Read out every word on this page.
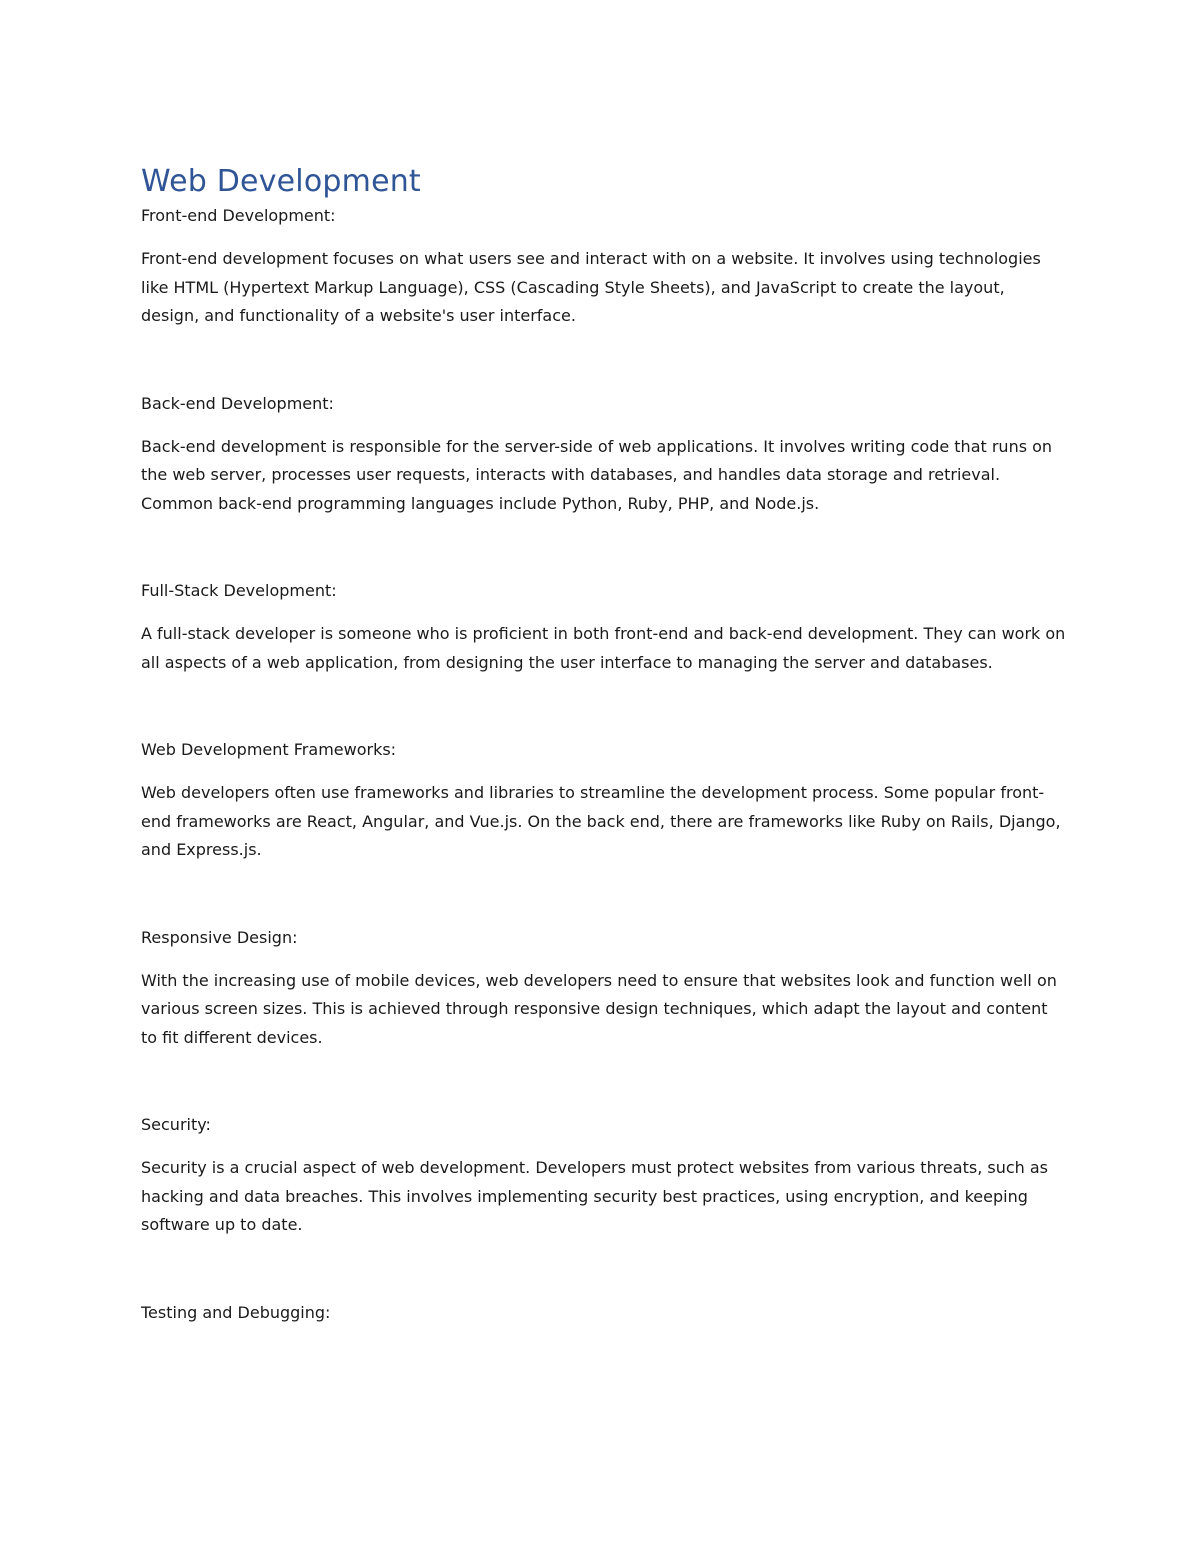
Web Development

Front-end Development:

Front-end development focuses on what users see and interact with on a website. It involves using technologies like HTML (Hypertext Markup Language), CSS (Cascading Style Sheets), and JavaScript to create the layout, design, and functionality of a website's user interface.

Back-end Development:

Back-end development is responsible for the server-side of web applications. It involves writing code that runs on the web server, processes user requests, interacts with databases, and handles data storage and retrieval. Common back-end programming languages include Python, Ruby, PHP, and Node.js.

Full-Stack Development:

A full-stack developer is someone who is proficient in both front-end and back-end development. They can work on all aspects of a web application, from designing the user interface to managing the server and databases.

Web Development Frameworks:

Web developers often use frameworks and libraries to streamline the development process. Some popular front-end frameworks are React, Angular, and Vue.js. On the back end, there are frameworks like Ruby on Rails, Django, and Express.js.

Responsive Design:

With the increasing use of mobile devices, web developers need to ensure that websites look and function well on various screen sizes. This is achieved through responsive design techniques, which adapt the layout and content to fit different devices.

Security:

Security is a crucial aspect of web development. Developers must protect websites from various threats, such as hacking and data breaches. This involves implementing security best practices, using encryption, and keeping software up to date.

Testing and Debugging:
